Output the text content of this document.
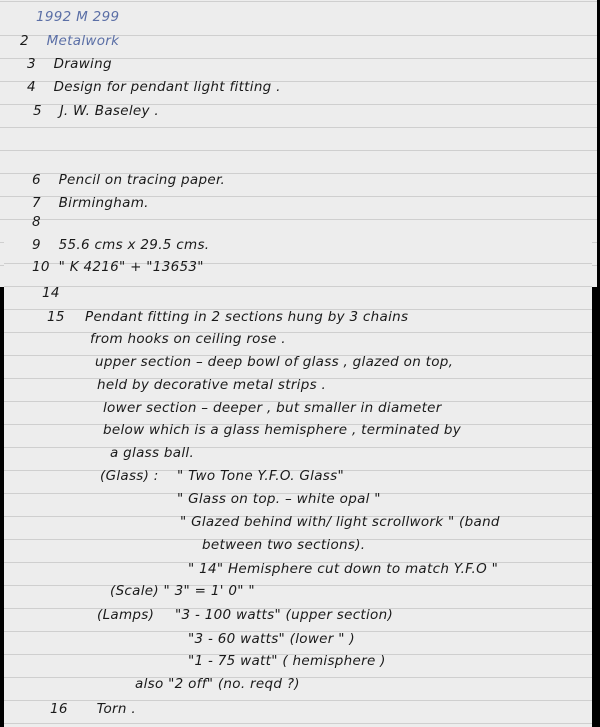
1992 M 299
2 Metalwork
3 Drawing
4 Design for pendant light fitting .
5 J. W. Baseley .
6 Pencil on tracing paper.
7 Birmingham.
8
9 55.6 cms x 29.5 cms.
10 " K 4216" + "13653"
14
15 Pendant fitting in 2 sections hung by 3 chains
from hooks on ceiling rose .
upper section – deep bowl of glass , glazed on top,
held by decorative metal strips .
lower section – deeper , but smaller in diameter
below which is a glass hemisphere , terminated by
a glass ball.
(Glass) : " Two Tone Y.F.O. Glass"
" Glass on top. – white opal "
" Glazed behind with/ light scrollwork " (band
between two sections).
" 14" Hemisphere cut down to match Y.F.O "
(Scale) " 3" = 1' 0" "
(Lamps) "3 - 100 watts" (upper section)
"3 - 60 watts" (lower " )
"1 - 75 watt" ( hemisphere )
also "2 off" (no. reqd ?)
16 Torn .
